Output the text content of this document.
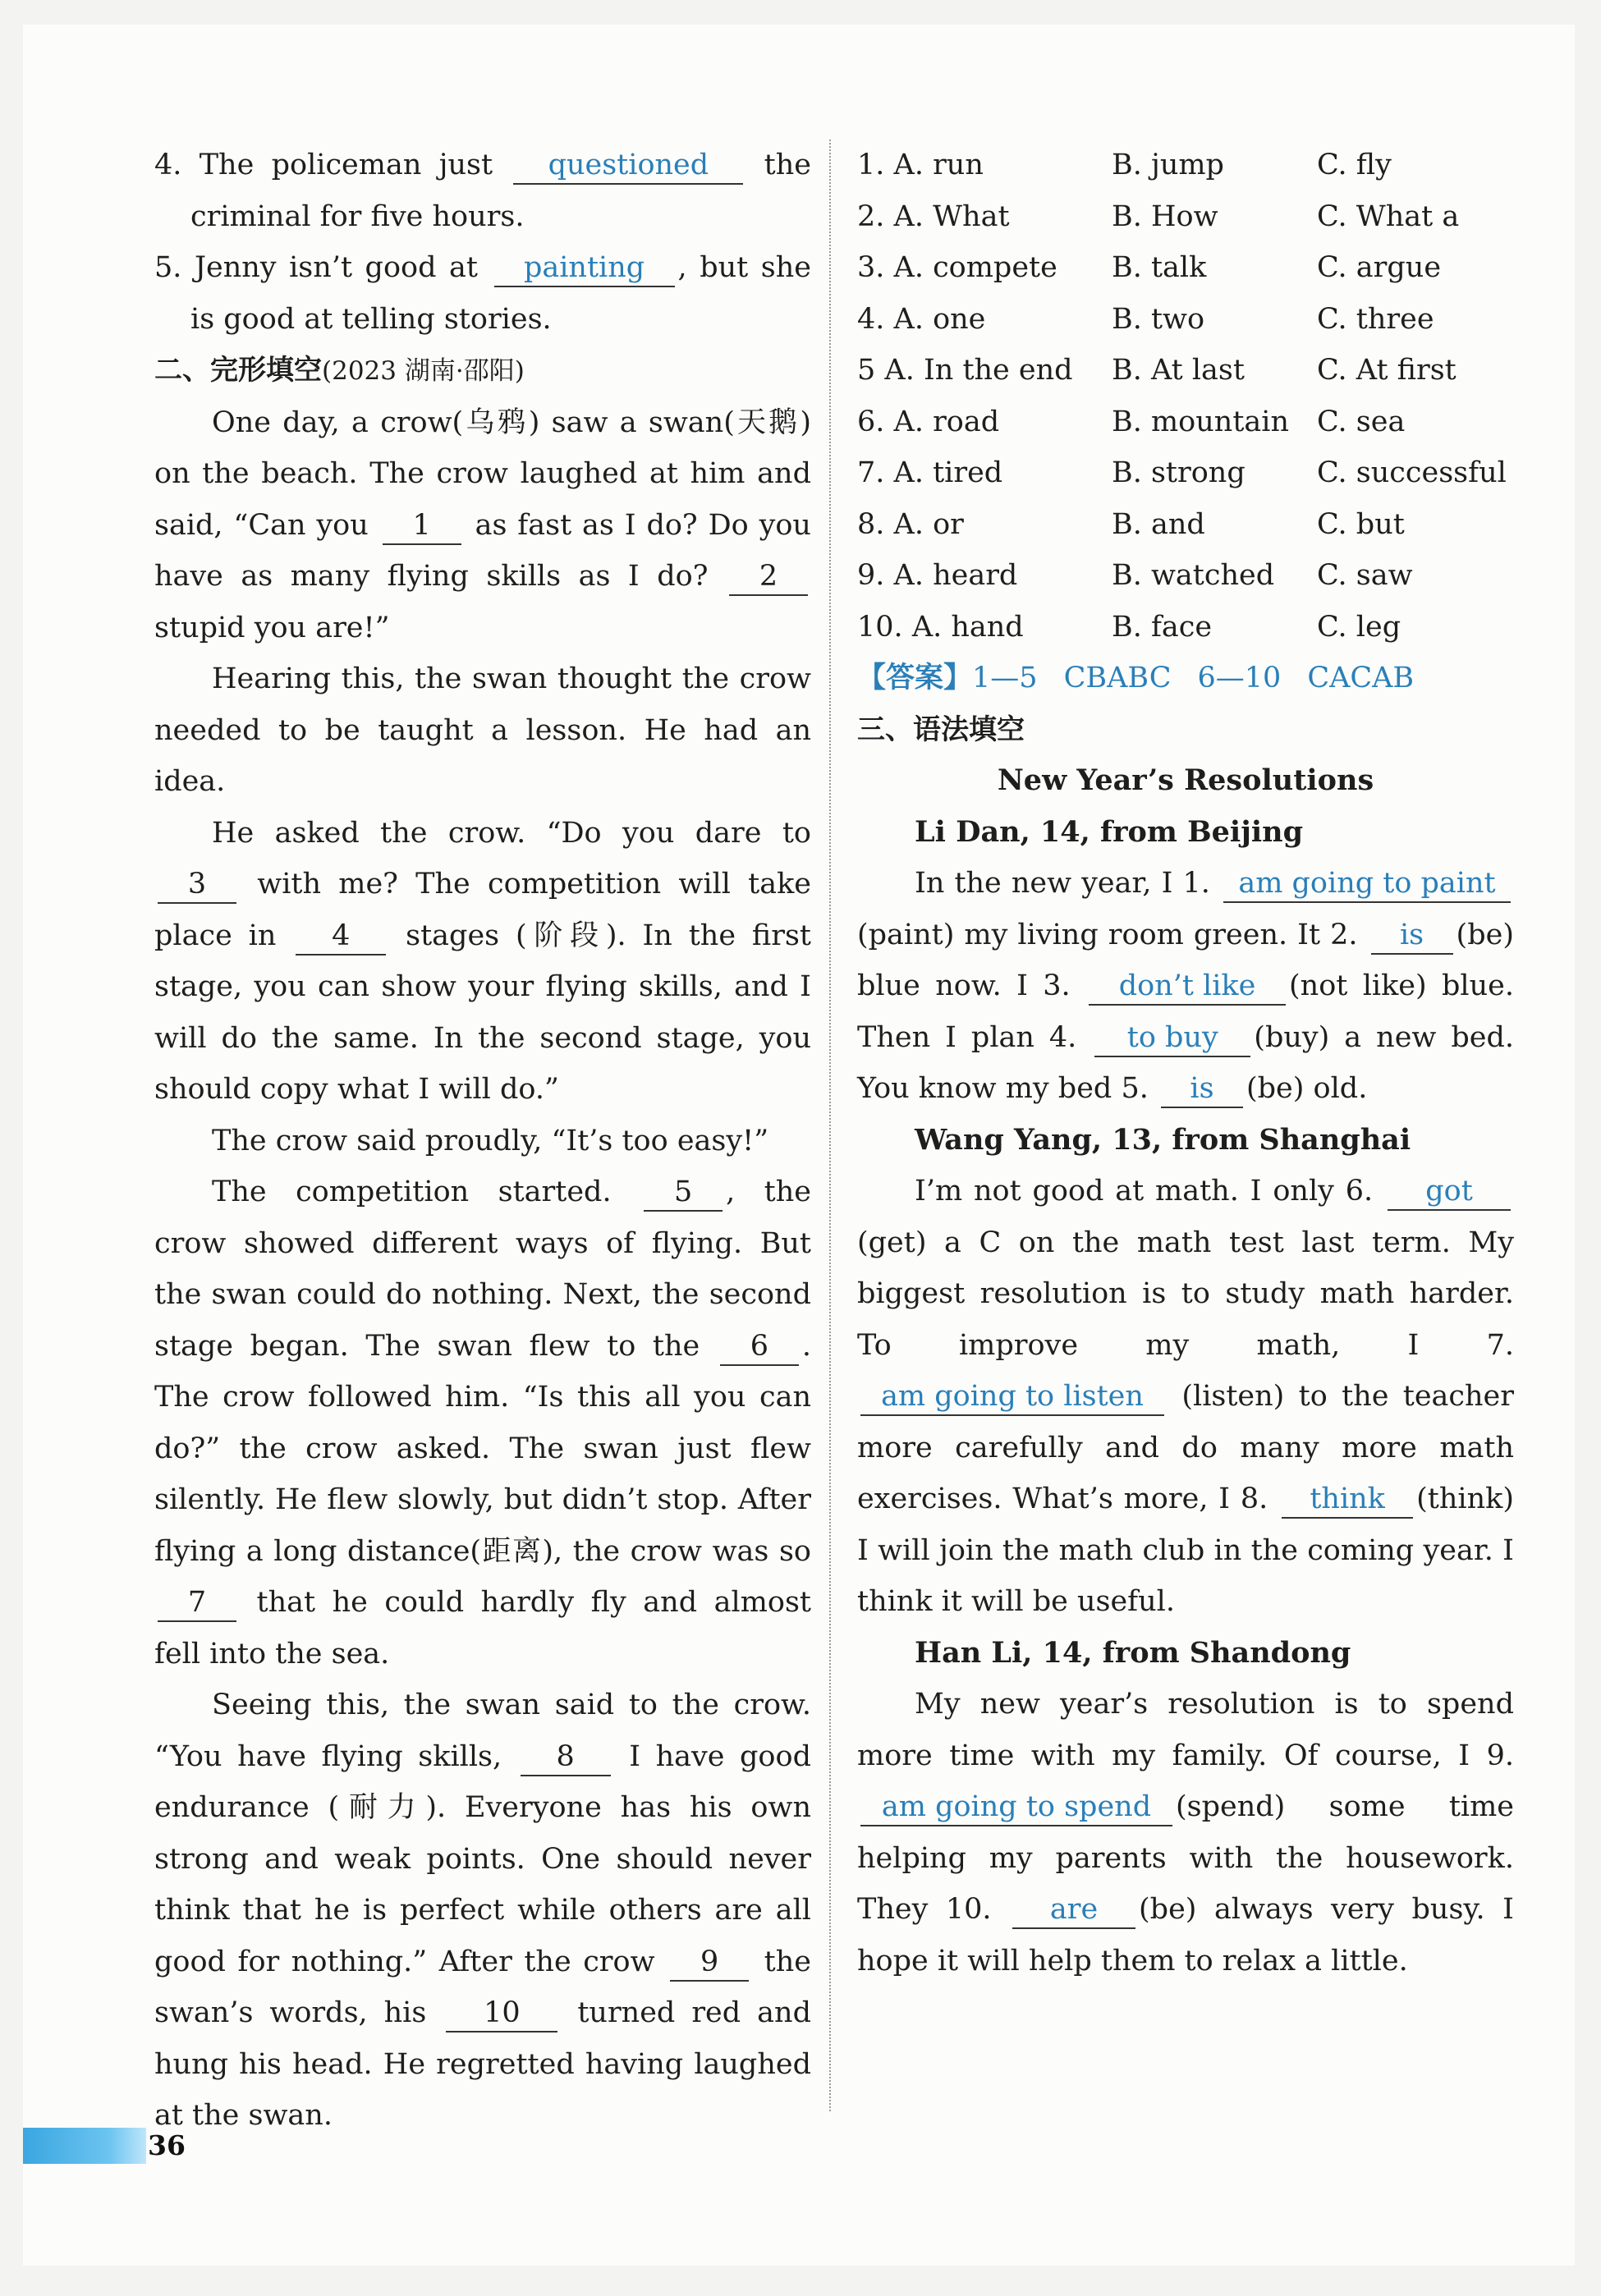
4. The policeman just questioned the criminal for five hours.

5. Jenny isn’t good at painting , but she is good at telling stories.

二、完形填空(2023 湖南·邵阳)

One day, a crow(乌鸦) saw a swan(天鹅) on the beach. The crow laughed at him and said, “Can you 1 as fast as I do? Do you have as many flying skills as I do? 2 stupid you are!”

Hearing this, the swan thought the crow needed to be taught a lesson. He had an idea.

He asked the crow. “Do you dare to 3 with me? The competition will take place in 4 stages (阶段). In the first stage, you can show your flying skills, and I will do the same. In the second stage, you should copy what I will do.”

The crow said proudly, “It’s too easy!”

The competition started. 5 , the crow showed different ways of flying. But the swan could do nothing. Next, the second stage began. The swan flew to the 6 . The crow followed him. “Is this all you can do?” the crow asked. The swan just flew silently. He flew slowly, but didn’t stop. After flying a long distance(距离), the crow was so 7 that he could hardly fly and almost fell into the sea.

Seeing this, the swan said to the crow. “You have flying skills, 8 I have good endurance (耐力). Everyone has his own strong and weak points. One should never think that he is perfect while others are all good for nothing.” After the crow 9 the swan’s words, his 10 turned red and hung his head. He regretted having laughed at the swan.

1. A. run	B. jump	C. fly
2. A. What	B. How	C. What a
3. A. compete	B. talk	C. argue
4. A. one	B. two	C. three
5 A. In the end	B. At last	C. At first
6. A. road	B. mountain	C. sea
7. A. tired	B. strong	C. successful
8. A. or	B. and	C. but
9. A. heard	B. watched	C. saw
10. A. hand	B. face	C. leg

【答案】1—5 CBABC 6—10 CACAB

三、语法填空

New Year’s Resolutions

Li Dan, 14, from Beijing

In the new year, I 1. am going to paint (paint) my living room green. It 2. is (be) blue now. I 3. don’t like (not like) blue. Then I plan 4. to buy (buy) a new bed. You know my bed 5. is (be) old.

Wang Yang, 13, from Shanghai

I’m not good at math. I only 6. got (get) a C on the math test last term. My biggest resolution is to study math harder. To improve my math, I 7. am going to listen (listen) to the teacher more carefully and do many more math exercises. What’s more, I 8. think (think) I will join the math club in the coming year. I think it will be useful.

Han Li, 14, from Shandong

My new year’s resolution is to spend more time with my family. Of course, I 9. am going to spend (spend) some time helping my parents with the housework. They 10. are (be) always very busy. I hope it will help them to relax a little.

36
